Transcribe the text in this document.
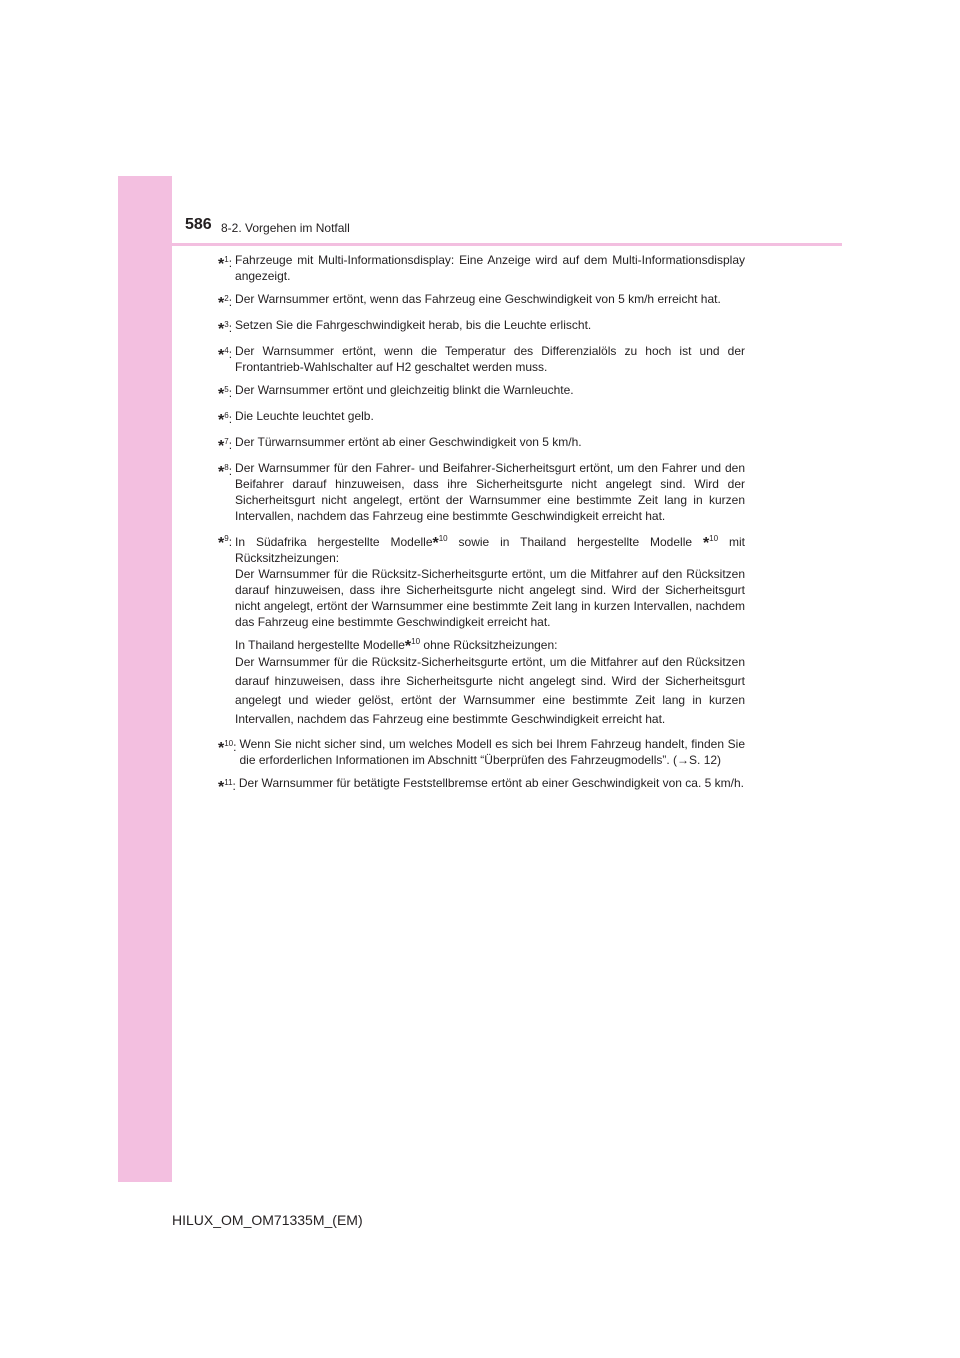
586 8-2. Vorgehen im Notfall
*$^1$: Fahrzeuge mit Multi-Informationsdisplay: Eine Anzeige wird auf dem Multi-Informationsdisplay angezeigt.
*$^2$: Der Warnsummer ertönt, wenn das Fahrzeug eine Geschwindigkeit von 5 km/h erreicht hat.
*$^3$: Setzen Sie die Fahrgeschwindigkeit herab, bis die Leuchte erlischt.
*$^4$: Der Warnsummer ertönt, wenn die Temperatur des Differenzialöls zu hoch ist und der Frontantrieb-Wahlschalter auf H2 geschaltet werden muss.
*$^5$: Der Warnsummer ertönt und gleichzeitig blinkt die Warnleuchte.
*$^6$: Die Leuchte leuchtet gelb.
*$^7$: Der Türwarnsummer ertönt ab einer Geschwindigkeit von 5 km/h.
*$^8$: Der Warnsummer für den Fahrer- und Beifahrer-Sicherheitsgurt ertönt, um den Fahrer und den Beifahrer darauf hinzuweisen, dass ihre Sicherheitsgurte nicht angelegt sind. Wird der Sicherheitsgurt nicht angelegt, ertönt der Warnsummer eine bestimmte Zeit lang in kurzen Intervallen, nachdem das Fahrzeug eine bestimmte Geschwindigkeit erreicht hat.
*$^9$: In Südafrika hergestellte Modelle*$^{10}$ sowie in Thailand hergestellte Modelle *$^{10}$ mit Rücksitzheizungen:
Der Warnsummer für die Rücksitz-Sicherheitsgurte ertönt, um die Mitfahrer auf den Rücksitzen darauf hinzuweisen, dass ihre Sicherheitsgurte nicht angelegt sind. Wird der Sicherheitsgurt nicht angelegt, ertönt der Warnsummer eine bestimmte Zeit lang in kurzen Intervallen, nachdem das Fahrzeug eine bestimmte Geschwindigkeit erreicht hat.
In Thailand hergestellte Modelle*$^{10}$ ohne Rücksitzheizungen:
Der Warnsummer für die Rücksitz-Sicherheitsgurte ertönt, um die Mitfahrer auf den Rücksitzen darauf hinzuweisen, dass ihre Sicherheitsgurte nicht angelegt sind. Wird der Sicherheitsgurt angelegt und wieder gelöst, ertönt der Warnsummer eine bestimmte Zeit lang in kurzen Intervallen, nachdem das Fahrzeug eine bestimmte Geschwindigkeit erreicht hat.
*$^{10}$: Wenn Sie nicht sicher sind, um welches Modell es sich bei Ihrem Fahrzeug handelt, finden Sie die erforderlichen Informationen im Abschnitt “Überprüfen des Fahrzeugmodells”. (→S. 12)
*$^{11}$: Der Warnsummer für betätigte Feststellbremse ertönt ab einer Geschwindigkeit von ca. 5 km/h.
HILUX_OM_OM71335M_(EM)
